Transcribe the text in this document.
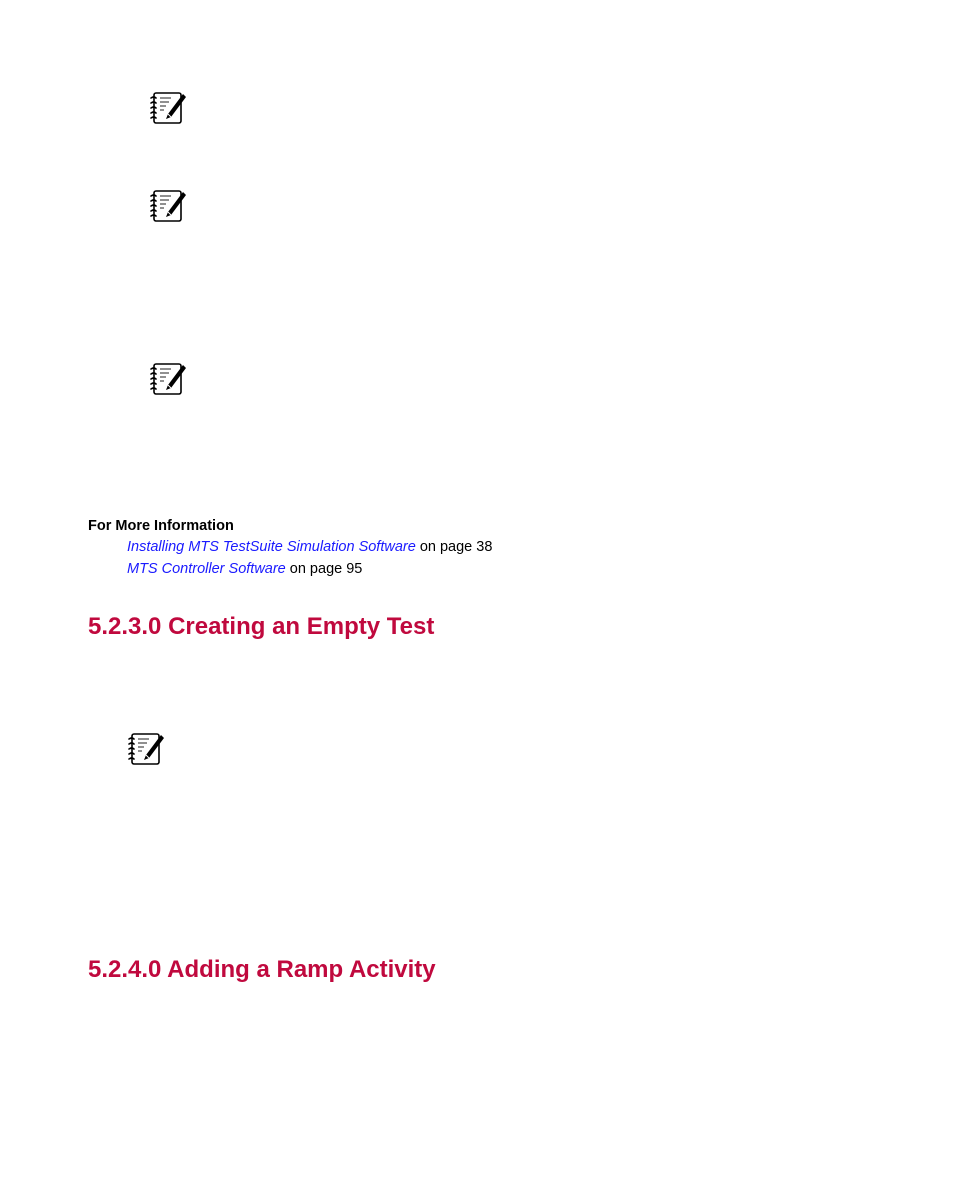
For More Information
Installing MTS TestSuite Simulation Software on page 38
MTS Controller Software on page 95
5.2.3.0 Creating an Empty Test
5.2.4.0 Adding a Ramp Activity
